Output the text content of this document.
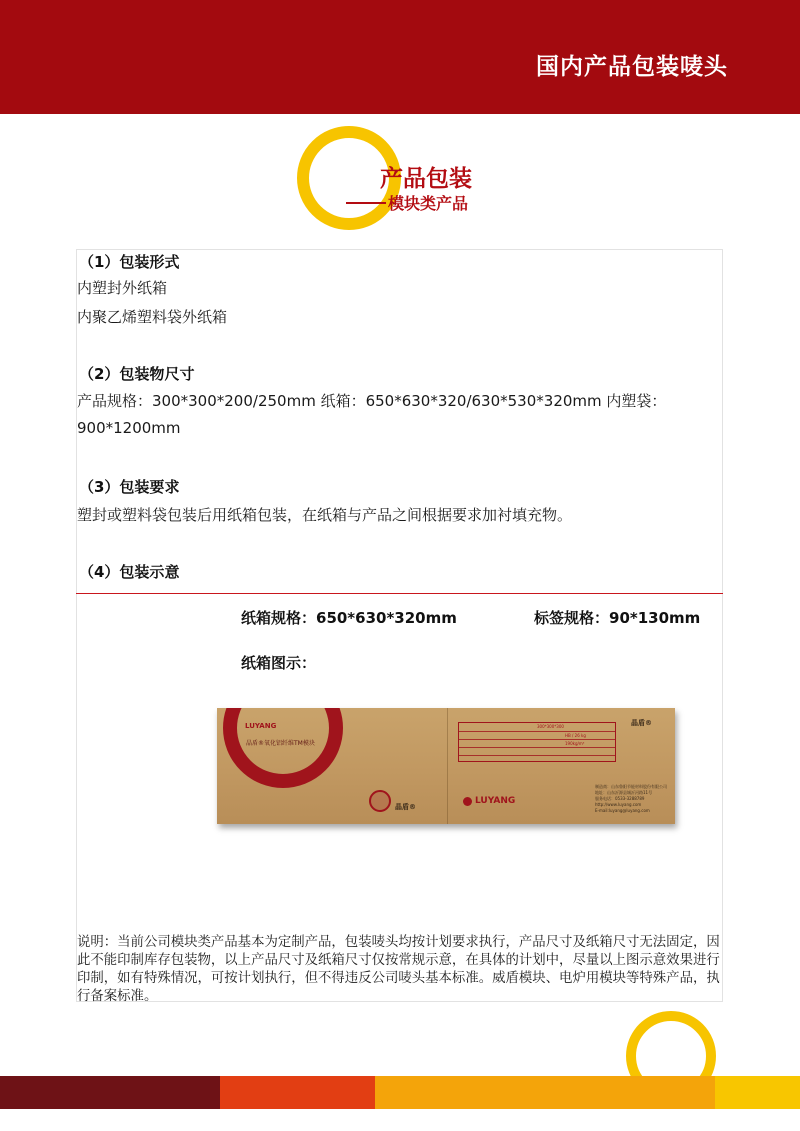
国内产品包装唛头
产品包装
模块类产品
（1）包装形式
内塑封外纸箱
内聚乙烯塑料袋外纸箱
（2）包装物尺寸
产品规格：300*300*200/250mm 纸箱：650*630*320/630*530*320mm 内塑袋：
900*1200mm
（3）包装要求
塑封或塑料袋包装后用纸箱包装，在纸箱与产品之间根据要求加衬填充物。
（4）包装示意
纸箱规格：650*630*320mm	标签规格：90*130mm
纸箱图示：
LUYANG
晶盾®氧化铝纤维TM模块
晶盾®
晶盾®
300*300*300
HB / 26 kg
190kg/m³
LUYANG
制造商：山东鲁阳节能材料股份有限公司
地址：山东沂源县城沂河路11号
服务电话：0533-3288789
http://www.luyang.com
E-mail:luyang@luyang.com
说明：当前公司模块类产品基本为定制产品，包装唛头均按计划要求执行，产品尺寸及纸箱尺寸无法固定，因此不能印制库存包装物，以上产品尺寸及纸箱尺寸仅按常规示意，在具体的计划中，尽量以上图示意效果进行印制，如有特殊情况，可按计划执行，但不得违反公司唛头基本标准。威盾模块、电炉用模块等特殊产品，执行备案标准。
